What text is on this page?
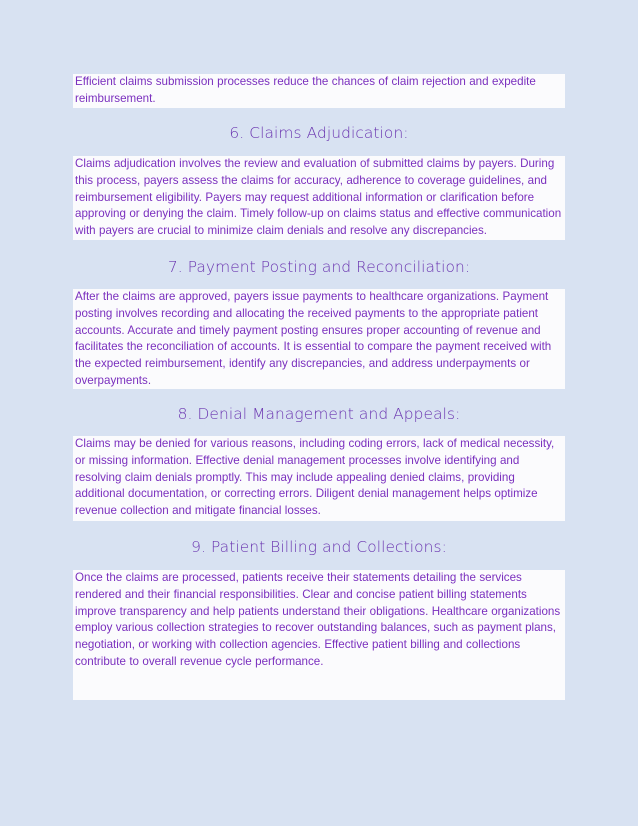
Efficient claims submission processes reduce the chances of claim rejection and expedite reimbursement.
6. Claims Adjudication:
Claims adjudication involves the review and evaluation of submitted claims by payers. During this process, payers assess the claims for accuracy, adherence to coverage guidelines, and reimbursement eligibility. Payers may request additional information or clarification before approving or denying the claim. Timely follow-up on claims status and effective communication with payers are crucial to minimize claim denials and resolve any discrepancies.
7. Payment Posting and Reconciliation:
After the claims are approved, payers issue payments to healthcare organizations. Payment posting involves recording and allocating the received payments to the appropriate patient accounts. Accurate and timely payment posting ensures proper accounting of revenue and facilitates the reconciliation of accounts. It is essential to compare the payment received with the expected reimbursement, identify any discrepancies, and address underpayments or overpayments.
8. Denial Management and Appeals:
Claims may be denied for various reasons, including coding errors, lack of medical necessity, or missing information. Effective denial management processes involve identifying and resolving claim denials promptly. This may include appealing denied claims, providing additional documentation, or correcting errors. Diligent denial management helps optimize revenue collection and mitigate financial losses.
9. Patient Billing and Collections:
Once the claims are processed, patients receive their statements detailing the services rendered and their financial responsibilities. Clear and concise patient billing statements improve transparency and help patients understand their obligations. Healthcare organizations employ various collection strategies to recover outstanding balances, such as payment plans, negotiation, or working with collection agencies. Effective patient billing and collections contribute to overall revenue cycle performance.
